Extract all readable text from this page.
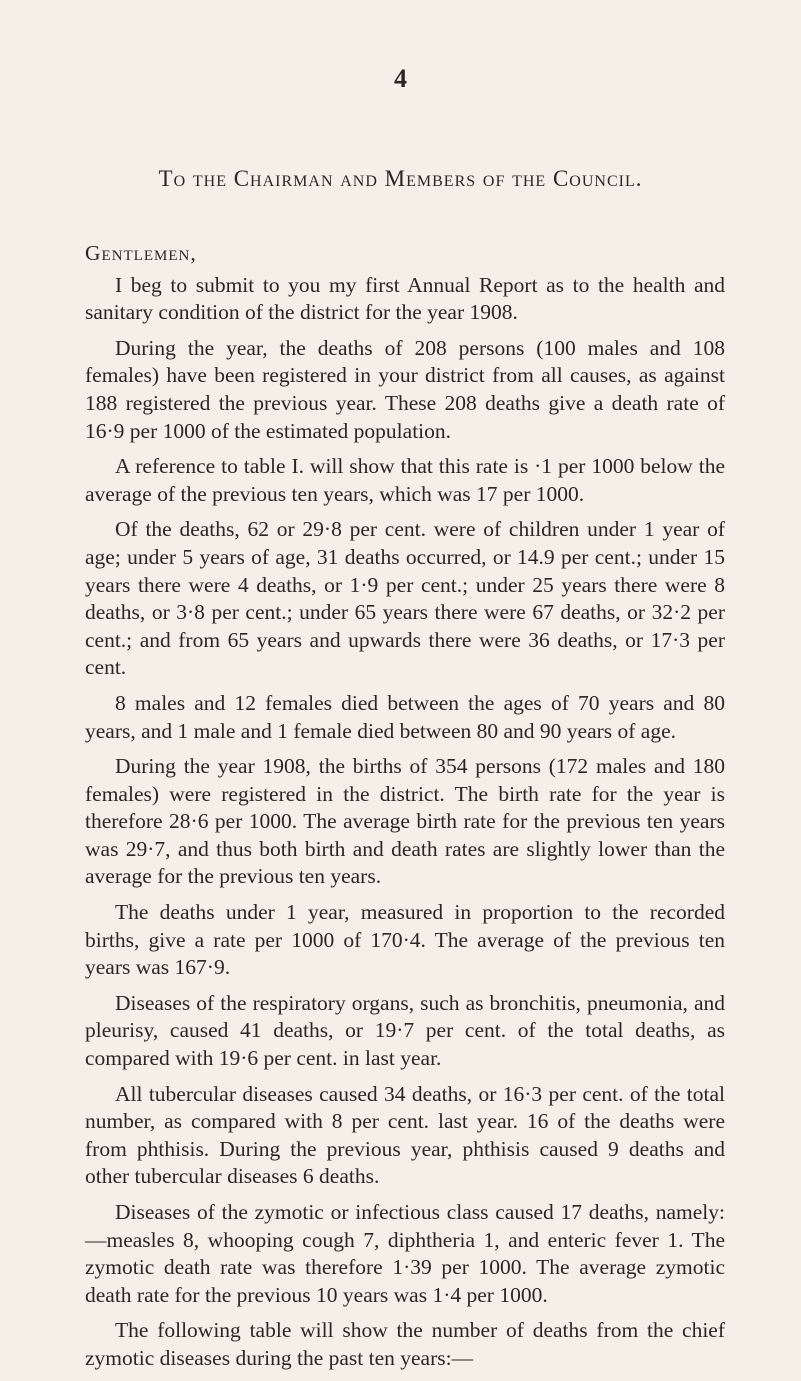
4
To the Chairman and Members of the Council.
Gentlemen,

I beg to submit to you my first Annual Report as to the health and sanitary condition of the district for the year 1908.

During the year, the deaths of 208 persons (100 males and 108 females) have been registered in your district from all causes, as against 188 registered the previous year. These 208 deaths give a death rate of 16·9 per 1000 of the estimated population.

A reference to table I. will show that this rate is ·1 per 1000 below the average of the previous ten years, which was 17 per 1000.

Of the deaths, 62 or 29·8 per cent. were of children under 1 year of age; under 5 years of age, 31 deaths occurred, or 14.9 per cent.; under 15 years there were 4 deaths, or 1·9 per cent.; under 25 years there were 8 deaths, or 3·8 per cent.; under 65 years there were 67 deaths, or 32·2 per cent.; and from 65 years and upwards there were 36 deaths, or 17·3 per cent.

8 males and 12 females died between the ages of 70 years and 80 years, and 1 male and 1 female died between 80 and 90 years of age.

During the year 1908, the births of 354 persons (172 males and 180 females) were registered in the district. The birth rate for the year is therefore 28·6 per 1000. The average birth rate for the previous ten years was 29·7, and thus both birth and death rates are slightly lower than the average for the previous ten years.

The deaths under 1 year, measured in proportion to the recorded births, give a rate per 1000 of 170·4. The average of the previous ten years was 167·9.

Diseases of the respiratory organs, such as bronchitis, pneumonia, and pleurisy, caused 41 deaths, or 19·7 per cent. of the total deaths, as compared with 19·6 per cent. in last year.

All tubercular diseases caused 34 deaths, or 16·3 per cent. of the total number, as compared with 8 per cent. last year. 16 of the deaths were from phthisis. During the previous year, phthisis caused 9 deaths and other tubercular diseases 6 deaths.

Diseases of the zymotic or infectious class caused 17 deaths, namely:—measles 8, whooping cough 7, diphtheria 1, and enteric fever 1. The zymotic death rate was therefore 1·39 per 1000. The average zymotic death rate for the previous 10 years was 1·4 per 1000.

The following table will show the number of deaths from the chief zymotic diseases during the past ten years:—
